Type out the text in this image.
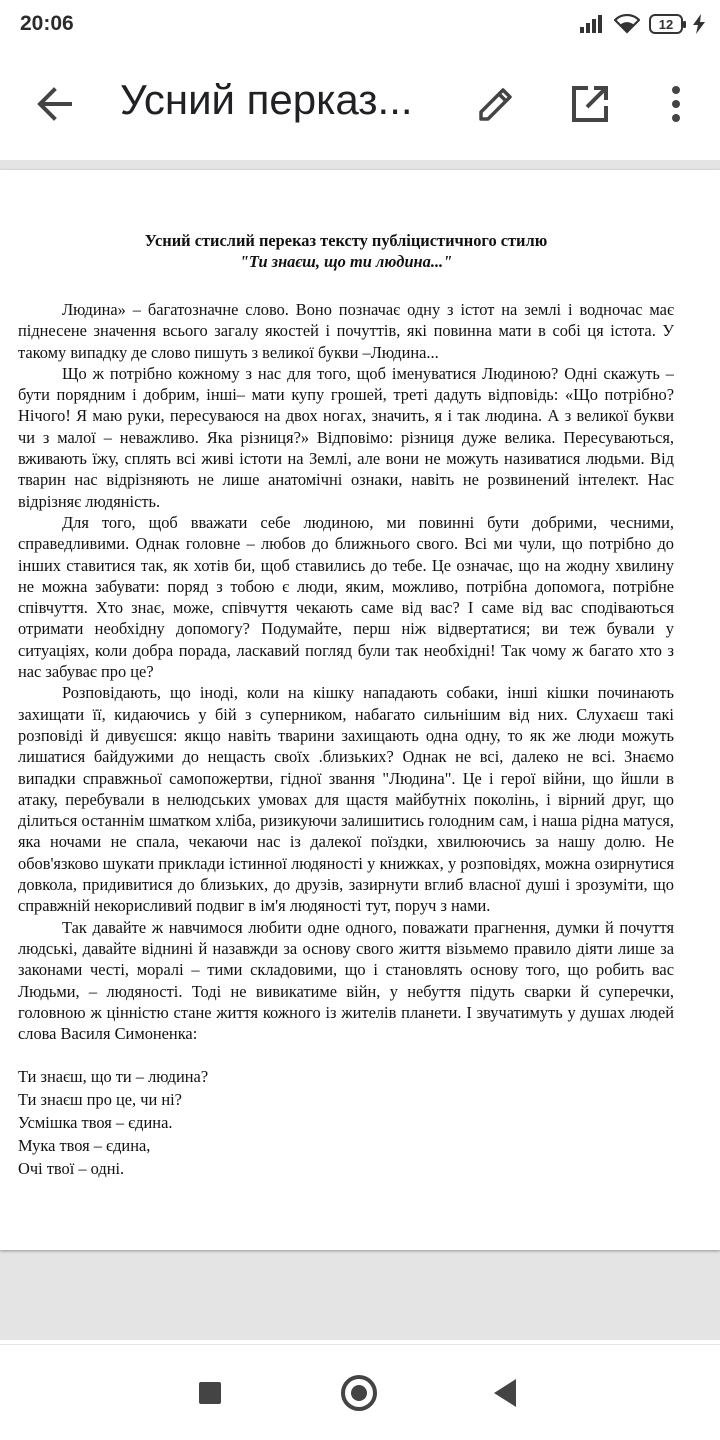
20:06	12
Усний перказ...
Усний стислий переказ тексту публіцистичного стилю
"Ти знаєш, що ти людина..."

Людина» – багатозначне слово. Воно позначає одну з істот на землі і водночас має піднесене значення всього загалу якостей і почуттів, які повинна мати в собі ця істота. У такому випадку де слово пишуть з великої букви –Людина...

Що ж потрібно кожному з нас для того, щоб іменуватися Людиною? Одні скажуть – бути порядним і добрим, інші– мати купу грошей, треті дадуть відповідь: «Що потрібно? Нічого! Я маю руки, пересуваюся на двох ногах, значить, я і так людина. А з великої букви чи з малої – неважливо. Яка різниця?» Відповімо: різниця дуже велика. Пересуваються, вживають їжу, сплять всі живі істоти на Землі, але вони не можуть називатися людьми. Від тварин нас відрізняють не лише анатомічні ознаки, навіть не розвинений інтелект. Нас відрізняє людяність.

Для того, щоб вважати себе людиною, ми повинні бути добрими, чесними, справедливими. Однак головне – любов до ближнього свого. Всі ми чули, що потрібно до інших ставитися так, як хотів би, щоб ставились до тебе. Це означає, що на жодну хвилину не можна забувати: поряд з тобою є люди, яким, можливо, потрібна допомога, потрібне співчуття. Хто знає, може, співчуття чекають саме від вас? І саме від вас сподіваються отримати необхідну допомогу? Подумайте, перш ніж відвертатися; ви теж бували у ситуаціях, коли добра порада, ласкавий погляд були так необхідні! Так чому ж багато хто з нас забуває про це?

Розповідають, що іноді, коли на кішку нападають собаки, інші кішки починають захищати її, кидаючись у бій з суперником, набагато сильнішим від них. Слухаєш такі розповіді й дивуєшся: якщо навіть тварини захищають одна одну, то як же люди можуть лишатися байдужими до нещасть своїх .близьких? Однак не всі, далеко не всі. Знаємо випадки справжньої самопожертви, гідної звання "Людина". Це і герої війни, що йшли в атаку, перебували в нелюдських умовах для щастя майбутніх поколінь, і вірний друг, що ділиться останнім шматком хліба, ризикуючи залишитись голодним сам, і наша рідна матуся, яка ночами не спала, чекаючи нас із далекої поїздки, хвилюючись за нашу долю. Не обов'язково шукати приклади істинної людяності у книжках, у розповідях, можна озирнутися довкола, придивитися до близьких, до друзів, зазирнути вглиб власної душі і зрозуміти, що справжній некорисливий подвиг в ім'я людяності тут, поруч з нами.

Так давайте ж навчимося любити одне одного, поважати прагнення, думки й почуття людські, давайте віднині й назавжди за основу свого життя візьмемо правило діяти лише за законами честі, моралі – тими складовими, що і становлять основу того, що робить вас Людьми, – людяності. Тоді не вивикатиме війн, у небуття підуть сварки й суперечки, головною ж цінністю стане життя кожного із жителів планети. І звучатимуть у душах людей слова Василя Симоненка:

Ти знаєш, що ти – людина?
Ти знаєш про це, чи ні?
Усмішка твоя – єдина.
Мука твоя – єдина,
Очі твої – одні.
